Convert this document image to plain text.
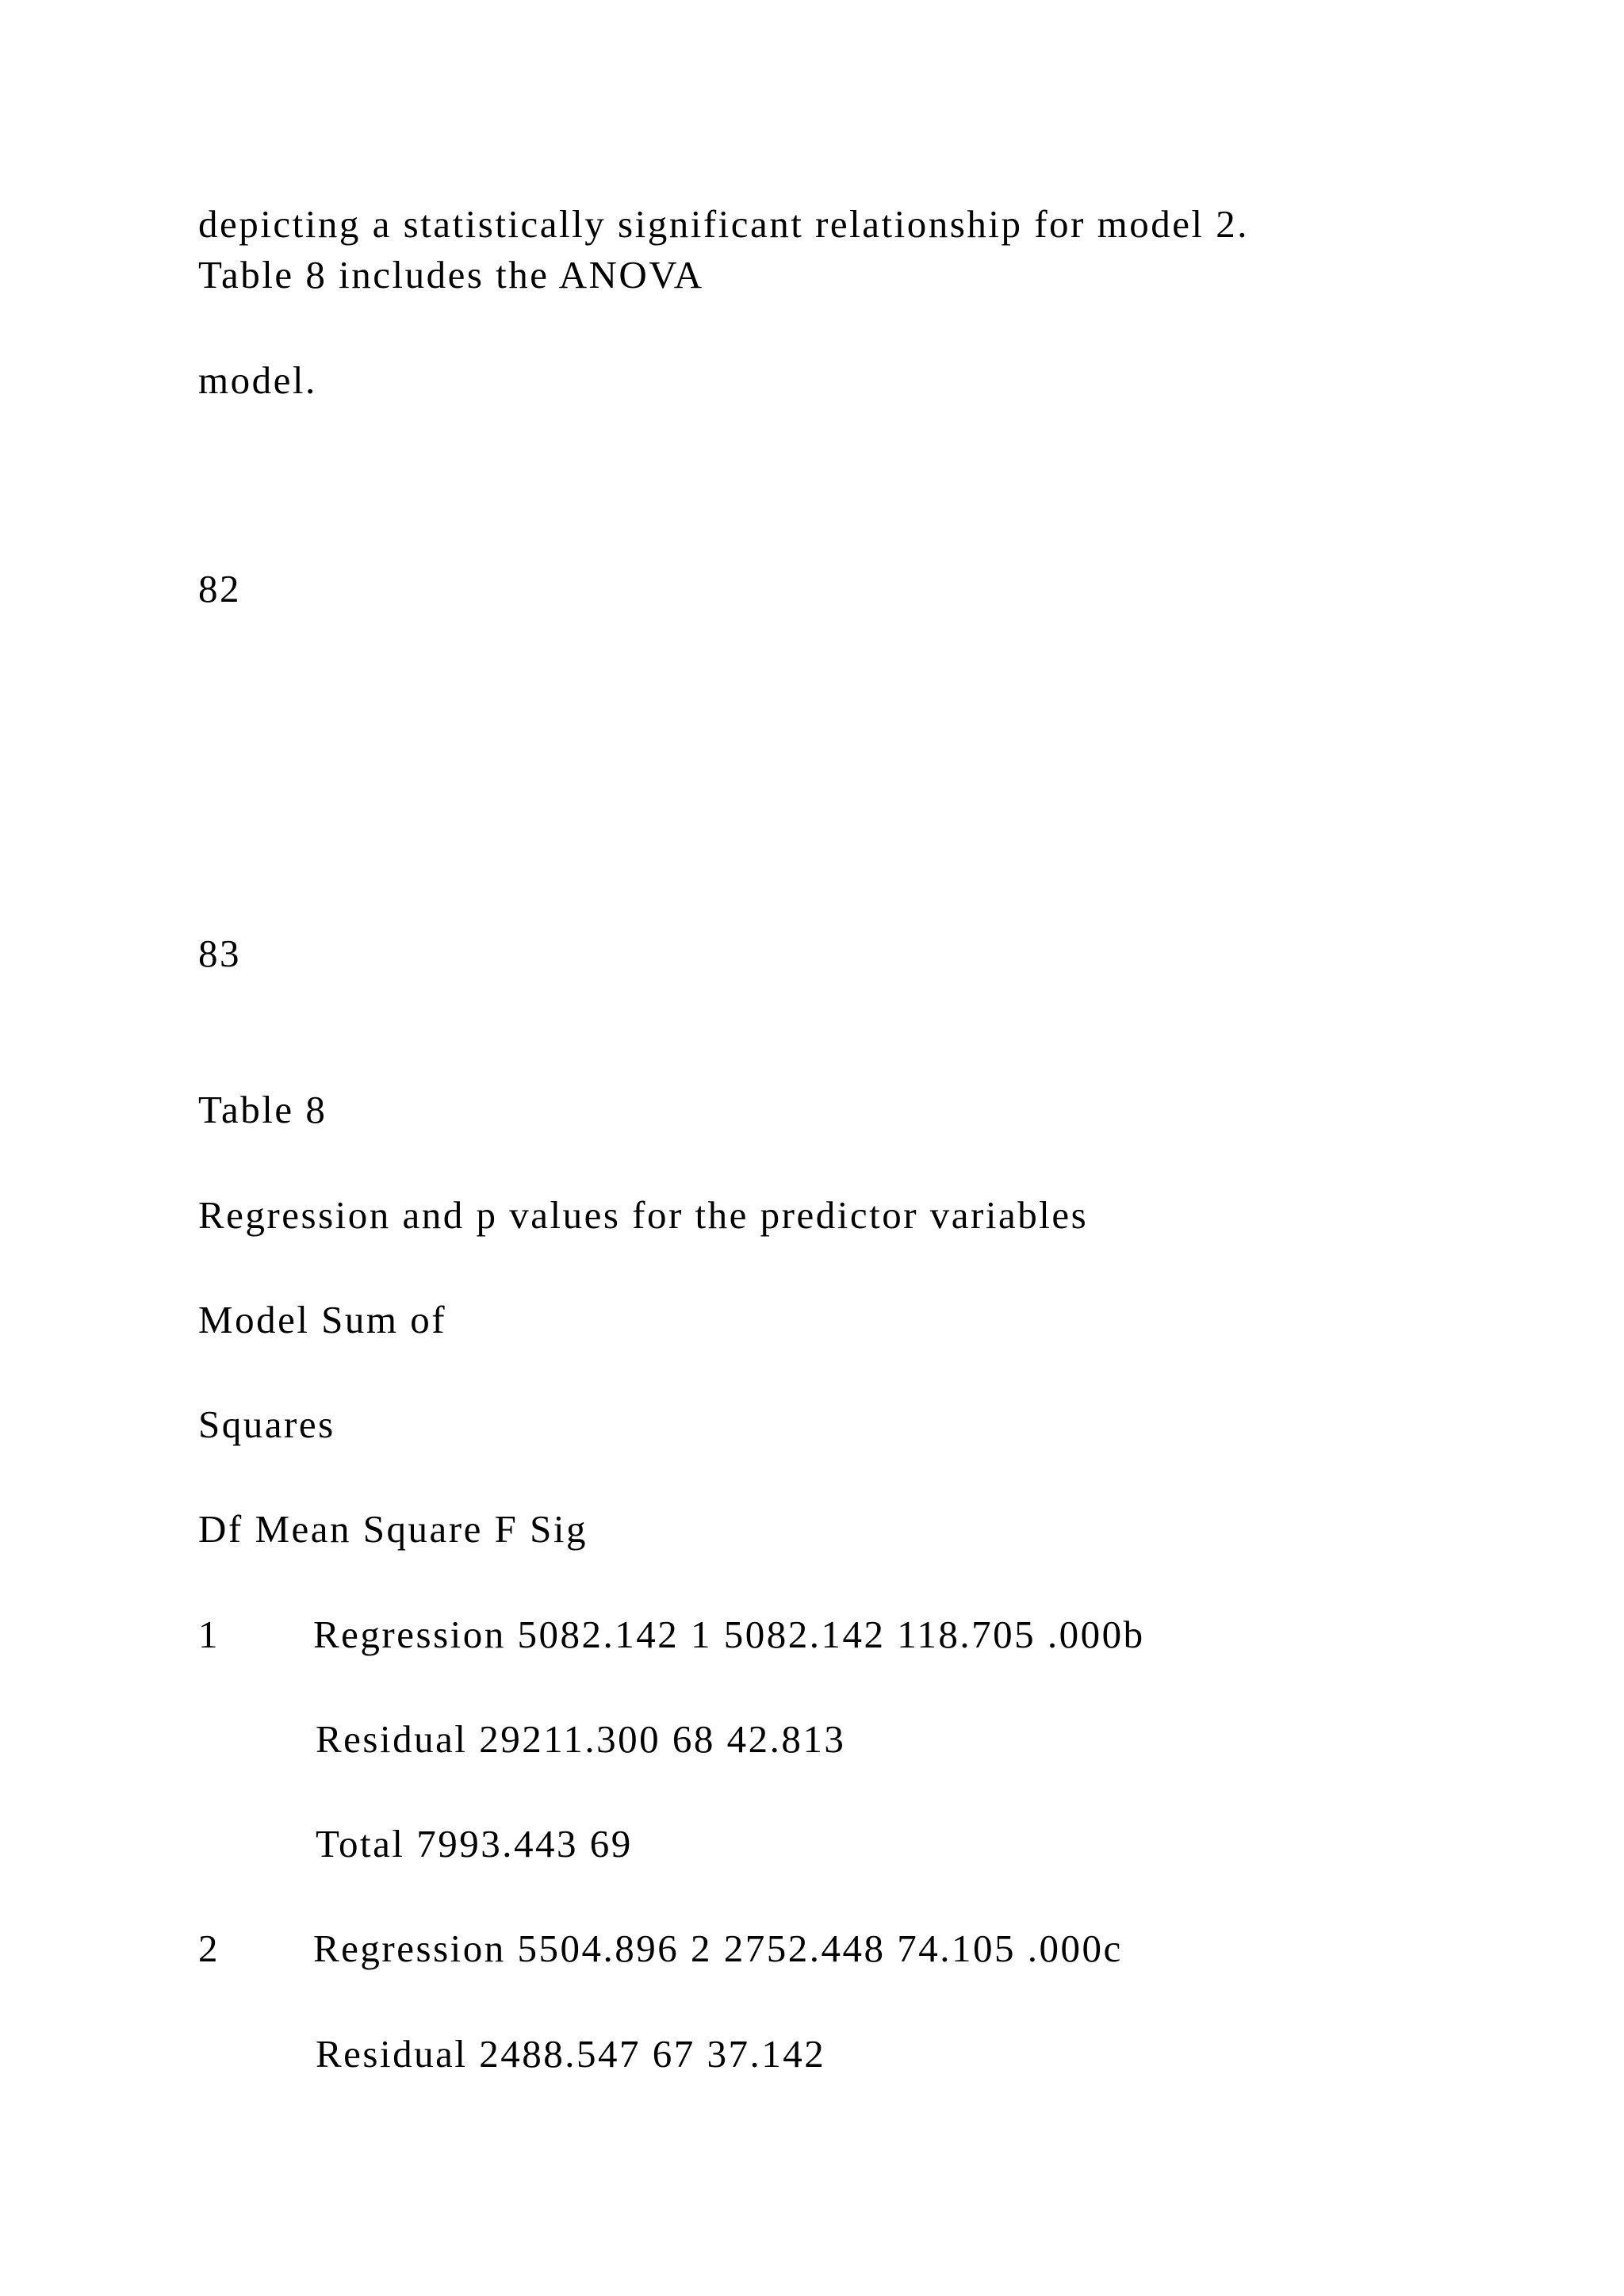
depicting a statistically significant relationship for model 2.
Table 8 includes the ANOVA
model.
82
83
Table 8
Regression and p values for the predictor variables
Model Sum of
Squares
Df Mean Square F Sig
1 Regression 5082.142 1 5082.142 118.705 .000b
Residual 29211.300 68 42.813
Total 7993.443 69
2 Regression 5504.896 2 2752.448 74.105 .000c
Residual 2488.547 67 37.142
